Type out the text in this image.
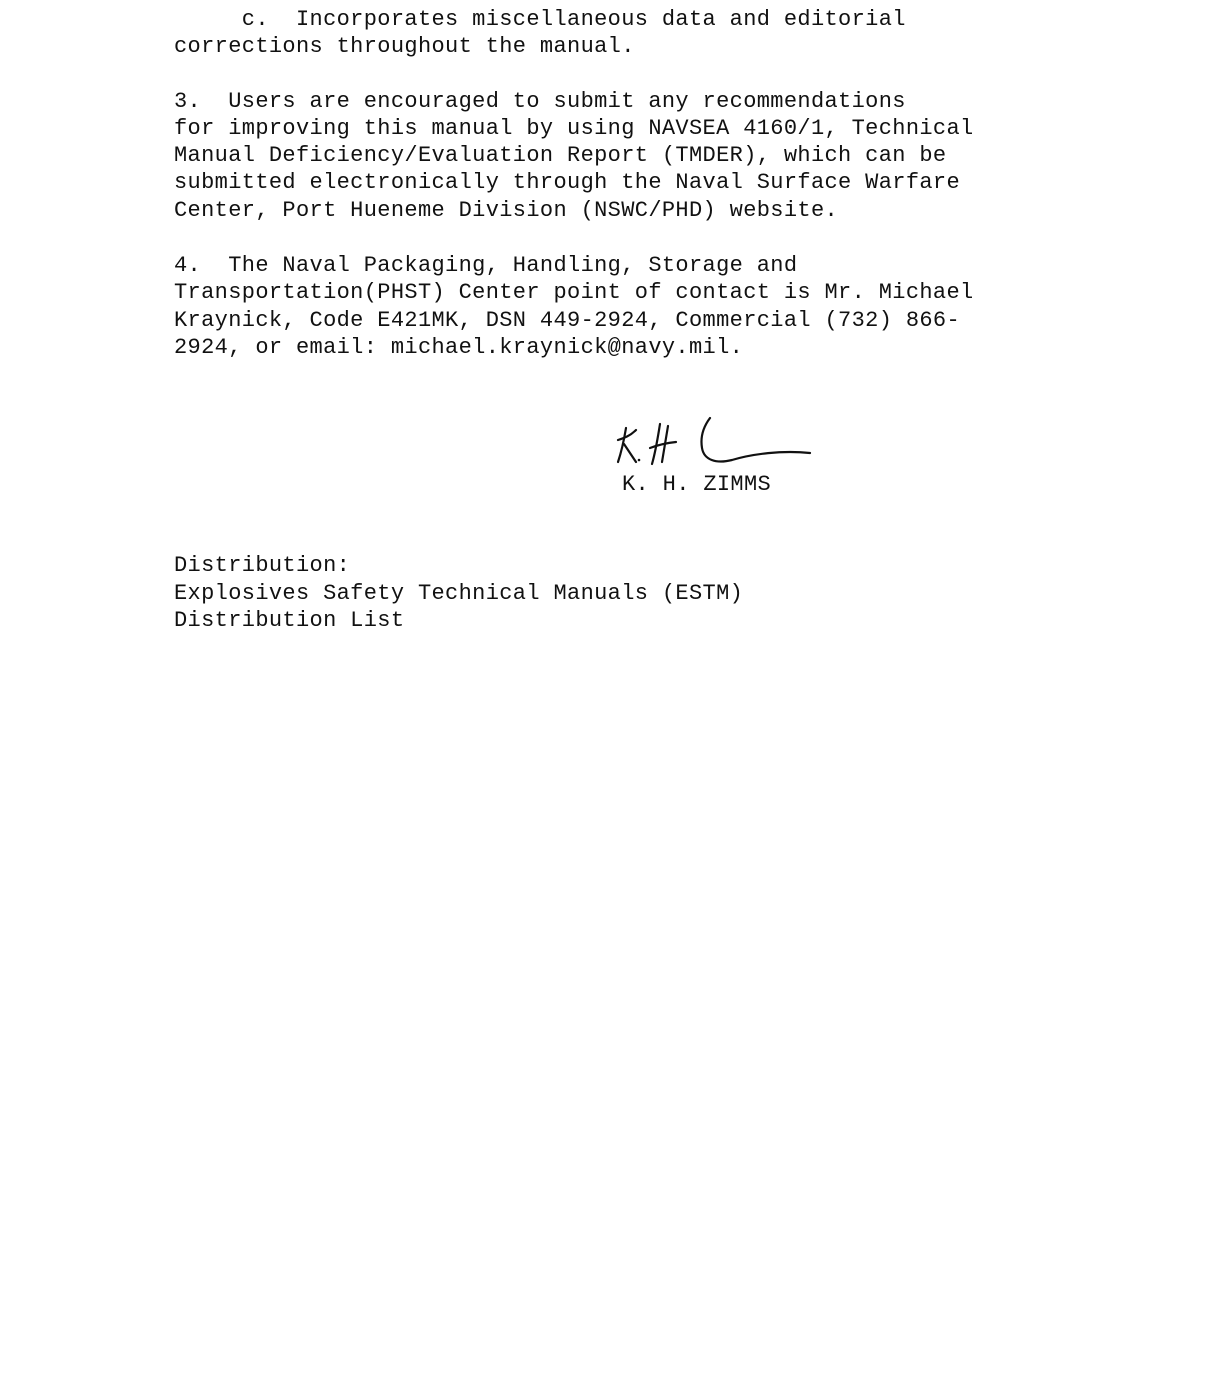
c.  Incorporates miscellaneous data and editorial
corrections throughout the manual.
3.  Users are encouraged to submit any recommendations
for improving this manual by using NAVSEA 4160/1, Technical
Manual Deficiency/Evaluation Report (TMDER), which can be
submitted electronically through the Naval Surface Warfare
Center, Port Hueneme Division (NSWC/PHD) website.
4.  The Naval Packaging, Handling, Storage and
Transportation(PHST) Center point of contact is Mr. Michael
Kraynick, Code E421MK, DSN 449-2924, Commercial (732) 866-
2924, or email: michael.kraynick@navy.mil.
K. H. ZIMMS
Distribution:
Explosives Safety Technical Manuals (ESTM)
Distribution List
